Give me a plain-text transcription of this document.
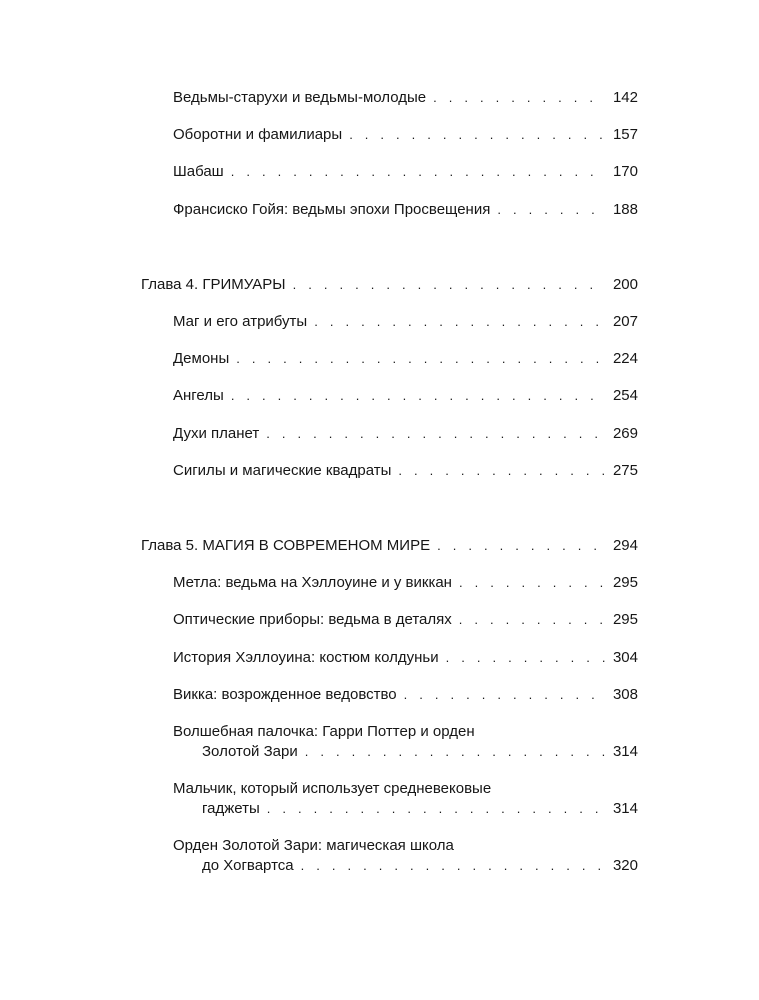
Ведьмы-старухи и ведьмы-молодые . . .	142
Оборотни и фамилиары . . .	157
Шабаш . . .	170
Франсиско Гойя: ведьмы эпохи Просвещения . . .	188
Глава 4. ГРИМУАРЫ . . .	200
Маг и его атрибуты . . .	207
Демоны . . .	224
Ангелы . . .	254
Духи планет . . .	269
Сигилы и магические квадраты . . .	275
Глава 5. МАГИЯ В СОВРЕМЕНОМ МИРЕ . . .	294
Метла: ведьма на Хэллоуине и у виккан . . .	295
Оптические приборы: ведьма в деталях . . .	295
История Хэллоуина: костюм колдуньи . . .	304
Викка: возрожденное ведовство . . .	308
Волшебная палочка: Гарри Поттер и орден
Золотой Зари . . .	314
Мальчик, который использует средневековые
гаджеты . . .	314
Орден Золотой Зари: магическая школа
до Хогвартса . . .	320
